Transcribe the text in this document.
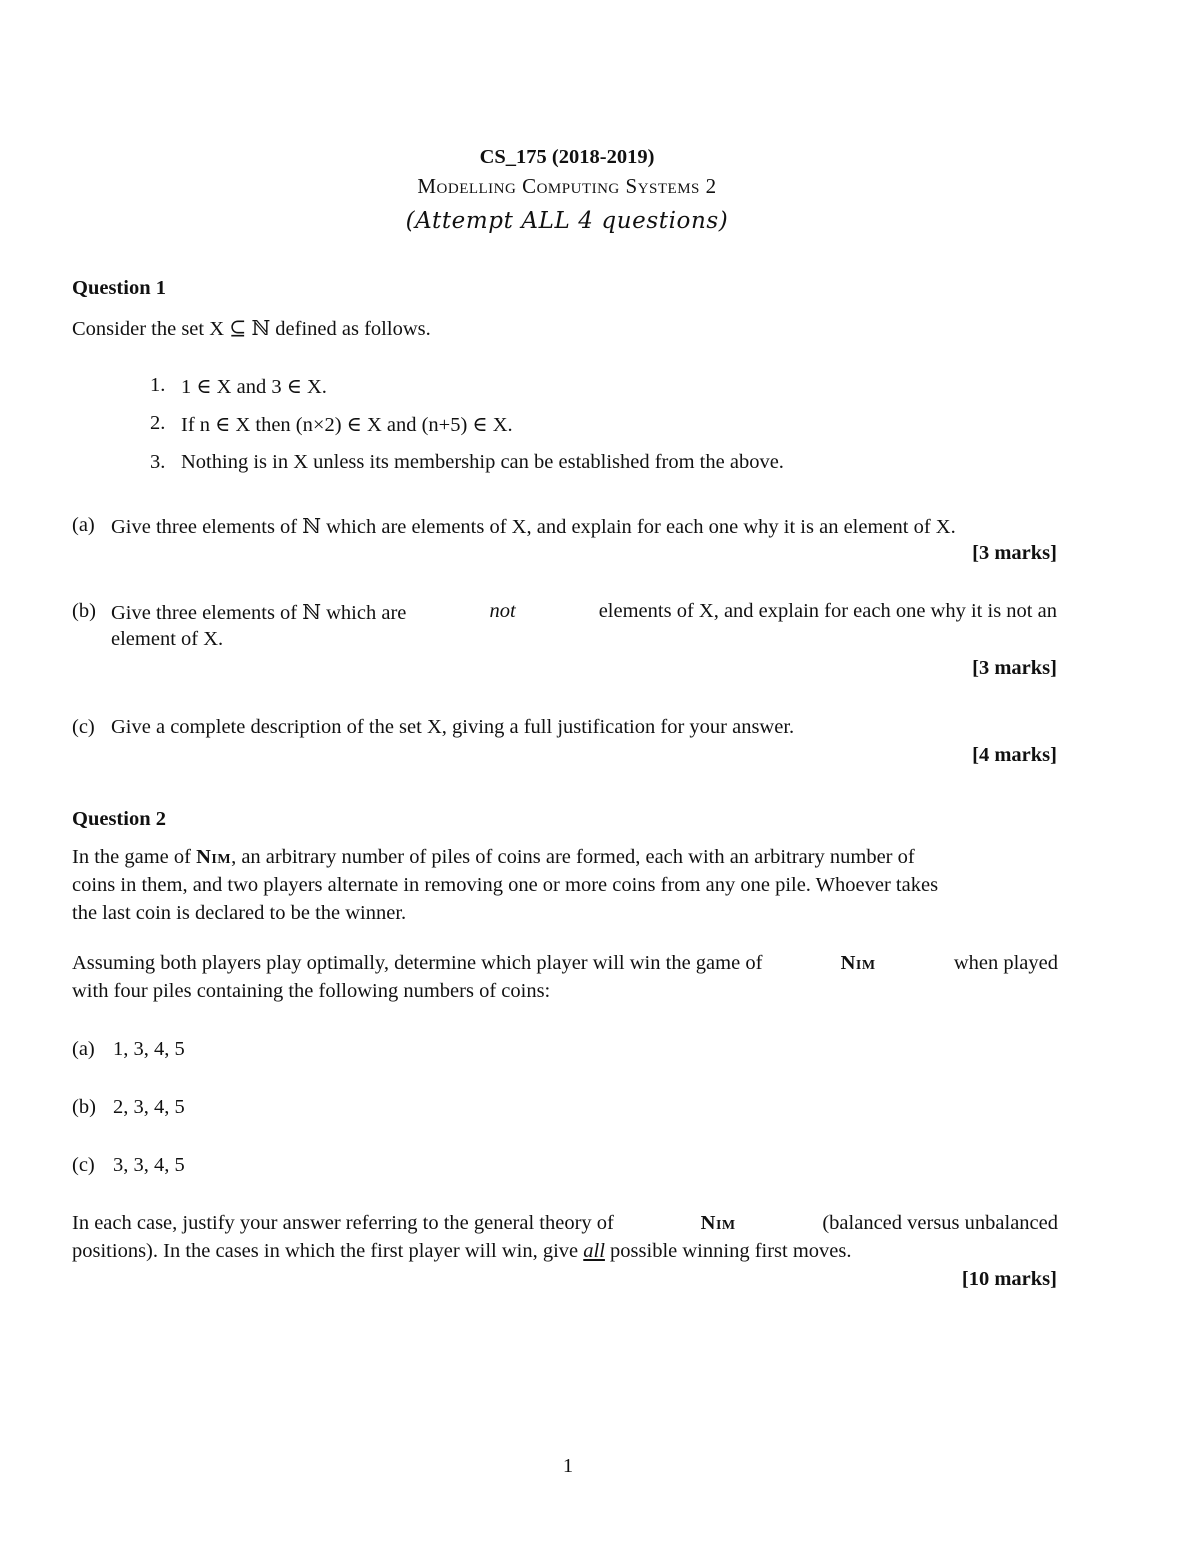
CS_175 (2018-2019)
Modelling Computing Systems 2
(Attempt ALL 4 questions)
Question 1
Consider the set X ⊆ ℕ defined as follows.
1. 1 ∈ X and 3 ∈ X.
2. If n ∈ X then (n×2) ∈ X and (n+5) ∈ X.
3. Nothing is in X unless its membership can be established from the above.
(a) Give three elements of ℕ which are elements of X, and explain for each one why it is an element of X.
[3 marks]
(b) Give three elements of ℕ which are	not	elements of X, and explain for each one why it is not an
element of X.
[3 marks]
(c) Give a complete description of the set X, giving a full justification for your answer.
[4 marks]
Question 2
In the game of Nim, an arbitrary number of piles of coins are formed, each with an arbitrary number of
coins in them, and two players alternate in removing one or more coins from any one pile. Whoever takes
the last coin is declared to be the winner.
Assuming both players play optimally, determine which player will win the game of	Nim	when played
with four piles containing the following numbers of coins:
(a) 1, 3, 4, 5
(b) 2, 3, 4, 5
(c) 3, 3, 4, 5
In each case, justify your answer referring to the general theory of	Nim	(balanced versus unbalanced
positions). In the cases in which the first player will win, give all possible winning first moves.
[10 marks]
1
